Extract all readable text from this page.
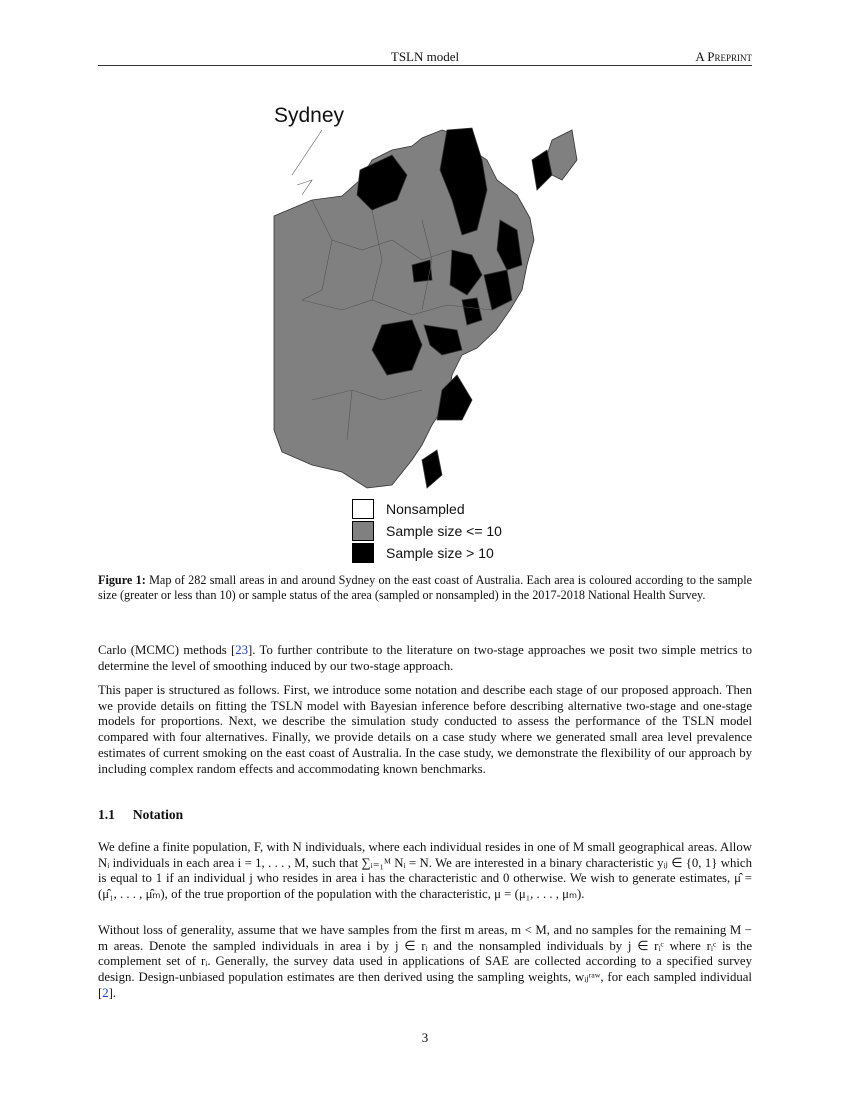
TSLN model	A Preprint
Sydney
Nonsampled
Sample size <= 10
Sample size > 10
Figure 1: Map of 282 small areas in and around Sydney on the east coast of Australia. Each area is coloured according to the sample size (greater or less than 10) or sample status of the area (sampled or nonsampled) in the 2017-2018 National Health Survey.
Carlo (MCMC) methods [23]. To further contribute to the literature on two-stage approaches we posit two simple metrics to determine the level of smoothing induced by our two-stage approach.
This paper is structured as follows. First, we introduce some notation and describe each stage of our proposed approach. Then we provide details on fitting the TSLN model with Bayesian inference before describing alternative two-stage and one-stage models for proportions. Next, we describe the simulation study conducted to assess the performance of the TSLN model compared with four alternatives. Finally, we provide details on a case study where we generated small area level prevalence estimates of current smoking on the east coast of Australia. In the case study, we demonstrate the flexibility of our approach by including complex random effects and accommodating known benchmarks.
1.1 Notation
We define a finite population, F, with N individuals, where each individual resides in one of M small geographical areas. Allow Nᵢ individuals in each area i = 1, . . . , M, such that ∑ᵢ₌₁ᴹ Nᵢ = N. We are interested in a binary characteristic yᵢⱼ ∈ {0, 1} which is equal to 1 if an individual j who resides in area i has the characteristic and 0 otherwise. We wish to generate estimates, μ̂ = (μ̂₁, . . . , μ̂ₘ), of the true proportion of the population with the characteristic, μ = (μ₁, . . . , μₘ).
Without loss of generality, assume that we have samples from the first m areas, m < M, and no samples for the remaining M − m areas. Denote the sampled individuals in area i by j ∈ rᵢ and the nonsampled individuals by j ∈ rᵢᶜ where rᵢᶜ is the complement set of rᵢ. Generally, the survey data used in applications of SAE are collected according to a specified survey design. Design-unbiased population estimates are then derived using the sampling weights, wᵢⱼʳᵃʷ, for each sampled individual [2].
3
